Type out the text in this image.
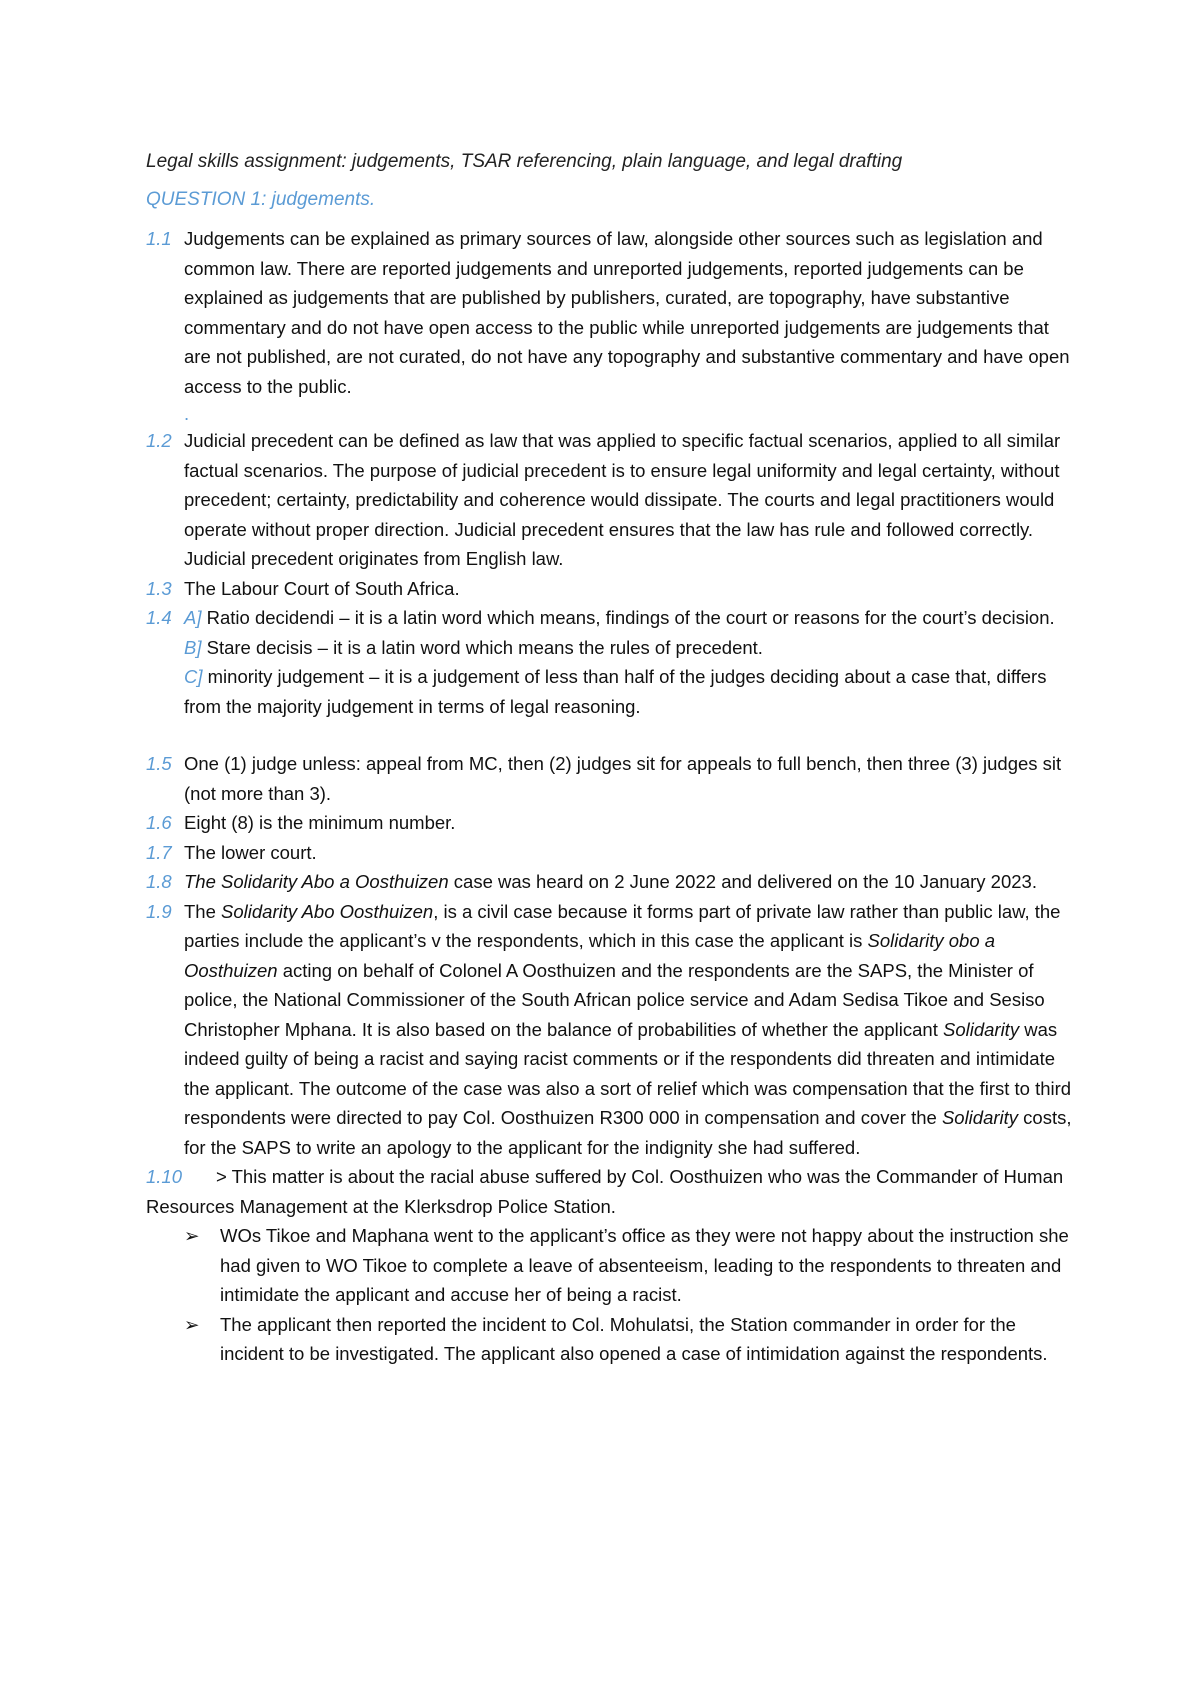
Legal skills assignment: judgements, TSAR referencing, plain language, and legal drafting
QUESTION 1: judgements.
1.1 Judgements can be explained as primary sources of law, alongside other sources such as legislation and common law. There are reported judgements and unreported judgements, reported judgements can be explained as judgements that are published by publishers, curated, are topography, have substantive commentary and do not have open access to the public while unreported judgements are judgements that are not published, are not curated, do not have any topography and substantive commentary and have open access to the public.
.
1.2 Judicial precedent can be defined as law that was applied to specific factual scenarios, applied to all similar factual scenarios. The purpose of judicial precedent is to ensure legal uniformity and legal certainty, without precedent; certainty, predictability and coherence would dissipate. The courts and legal practitioners would operate without proper direction. Judicial precedent ensures that the law has rule and followed correctly. Judicial precedent originates from English law.
1.3 The Labour Court of South Africa.
1.4 A] Ratio decidendi – it is a latin word which means, findings of the court or reasons for the court’s decision.
B] Stare decisis – it is a latin word which means the rules of precedent.
C] minority judgement – it is a judgement of less than half of the judges deciding about a case that, differs from the majority judgement in terms of legal reasoning.
1.5 One (1) judge unless: appeal from MC, then (2) judges sit for appeals to full bench, then three (3) judges sit (not more than 3).
1.6 Eight (8) is the minimum number.
1.7 The lower court.
1.8 The Solidarity Abo a Oosthuizen case was heard on 2 June 2022 and delivered on the 10 January 2023.
1.9 The Solidarity Abo Oosthuizen, is a civil case because it forms part of private law rather than public law, the parties include the applicant’s v the respondents, which in this case the applicant is Solidarity obo a Oosthuizen acting on behalf of Colonel A Oosthuizen and the respondents are the SAPS, the Minister of police, the National Commissioner of the South African police service and Adam Sedisa Tikoe and Sesiso Christopher Mphana. It is also based on the balance of probabilities of whether the applicant Solidarity was indeed guilty of being a racist and saying racist comments or if the respondents did threaten and intimidate the applicant. The outcome of the case was also a sort of relief which was compensation that the first to third respondents were directed to pay Col. Oosthuizen R300 000 in compensation and cover the Solidarity costs, for the SAPS to write an apology to the applicant for the indignity she had suffered.
1.10 > This matter is about the racial abuse suffered by Col. Oosthuizen who was the Commander of Human Resources Management at the Klerksdrop Police Station.
➢ WOs Tikoe and Maphana went to the applicant’s office as they were not happy about the instruction she had given to WO Tikoe to complete a leave of absenteeism, leading to the respondents to threaten and intimidate the applicant and accuse her of being a racist.
➢ The applicant then reported the incident to Col. Mohulatsi, the Station commander in order for the incident to be investigated. The applicant also opened a case of intimidation against the respondents.
